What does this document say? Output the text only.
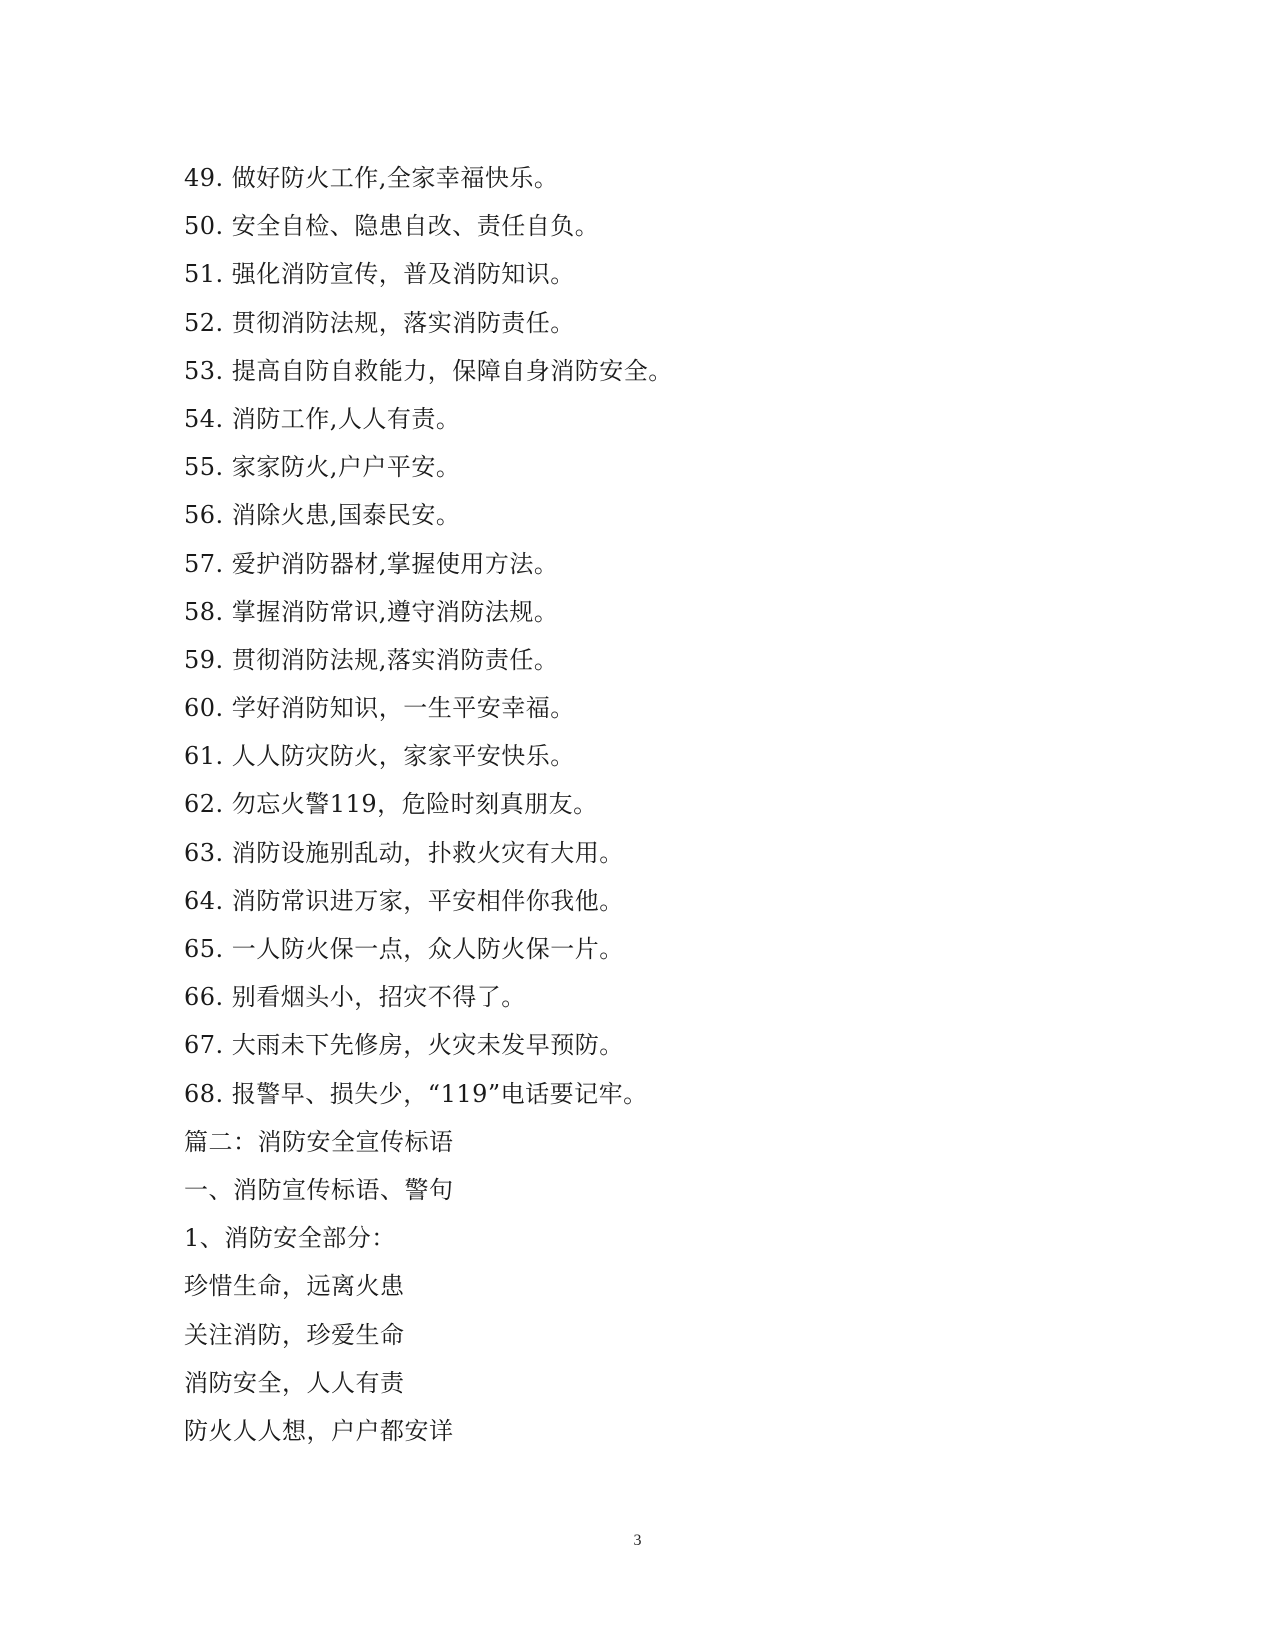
49. 做好防火工作,全家幸福快乐。
50. 安全自检、隐患自改、责任自负。
51. 强化消防宣传，普及消防知识。
52. 贯彻消防法规，落实消防责任。
53. 提高自防自救能力，保障自身消防安全。
54. 消防工作,人人有责。
55. 家家防火,户户平安。
56. 消除火患,国泰民安。
57. 爱护消防器材,掌握使用方法。
58. 掌握消防常识,遵守消防法规。
59. 贯彻消防法规,落实消防责任。
60. 学好消防知识，一生平安幸福。
61. 人人防灾防火，家家平安快乐。
62. 勿忘火警119，危险时刻真朋友。
63. 消防设施别乱动，扑救火灾有大用。
64. 消防常识进万家，平安相伴你我他。
65. 一人防火保一点，众人防火保一片。
66. 别看烟头小，招灾不得了。
67. 大雨未下先修房，火灾未发早预防。
68. 报警早、损失少，“119”电话要记牢。
篇二：消防安全宣传标语
一、消防宣传标语、警句
1、消防安全部分：
珍惜生命，远离火患
关注消防，珍爱生命
消防安全，人人有责
防火人人想，户户都安详
3
